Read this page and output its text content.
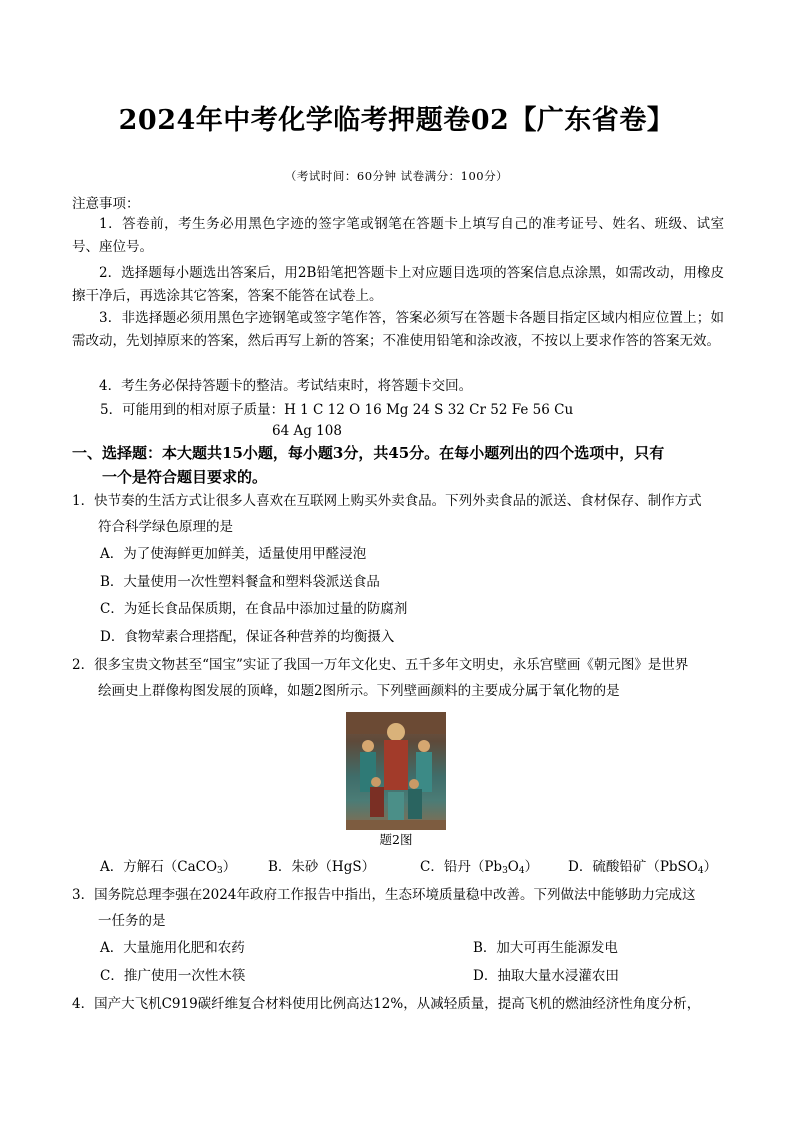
2024年中考化学临考押题卷02【广东省卷】
（考试时间：60分钟 试卷满分：100分）
注意事项：
1．答卷前，考生务必用黑色字迹的签字笔或钢笔在答题卡上填写自己的准考证号、姓名、班级、试室号、座位号。
2．选择题每小题选出答案后，用2B铅笔把答题卡上对应题目选项的答案信息点涂黑，如需改动，用橡皮擦干净后，再选涂其它答案，答案不能答在试卷上。
3．非选择题必须用黑色字迹钢笔或签字笔作答，答案必须写在答题卡各题目指定区域内相应位置上；如需改动，先划掉原来的答案，然后再写上新的答案；不准使用铅笔和涂改液，不按以上要求作答的答案无效。
4．考生务必保持答题卡的整洁。考试结束时，将答题卡交回。
5．可能用到的相对原子质量：H 1 C 12 O 16 Mg 24 S 32 Cr 52 Fe 56 Cu
64 Ag 108
一、选择题：本大题共15小题，每小题3分，共45分。在每小题列出的四个选项中，只有
一个是符合题目要求的。
1．快节奏的生活方式让很多人喜欢在互联网上购买外卖食品。下列外卖食品的派送、食材保存、制作方式
符合科学绿色原理的是
A．为了使海鲜更加鲜美，适量使用甲醛浸泡
B．大量使用一次性塑料餐盒和塑料袋派送食品
C．为延长食品保质期，在食品中添加过量的防腐剂
D．食物荤素合理搭配，保证各种营养的均衡摄入
2．很多宝贵文物甚至“国宝”实证了我国一万年文化史、五千多年文明史，永乐宫壁画《朝元图》是世界
绘画史上群像构图发展的顶峰，如题2图所示。下列壁画颜料的主要成分属于氧化物的是
题2图
A．方解石（CaCO$_3$） B．朱砂（HgS）	C．铅丹$(Pb_3O_4)$ D．硫酸铅矿（PbSO$_4$）
3．国务院总理李强在2024年政府工作报告中指出，生态环境质量稳中改善。下列做法中能够助力完成这
一任务的是
A．大量施用化肥和农药	B．加大可再生能源发电
C．推广使用一次性木筷	D．抽取大量水浸灌农田
4．国产大飞机C919碳纤维复合材料使用比例高达12%，从减轻质量，提高飞机的燃油经济性角度分析，
